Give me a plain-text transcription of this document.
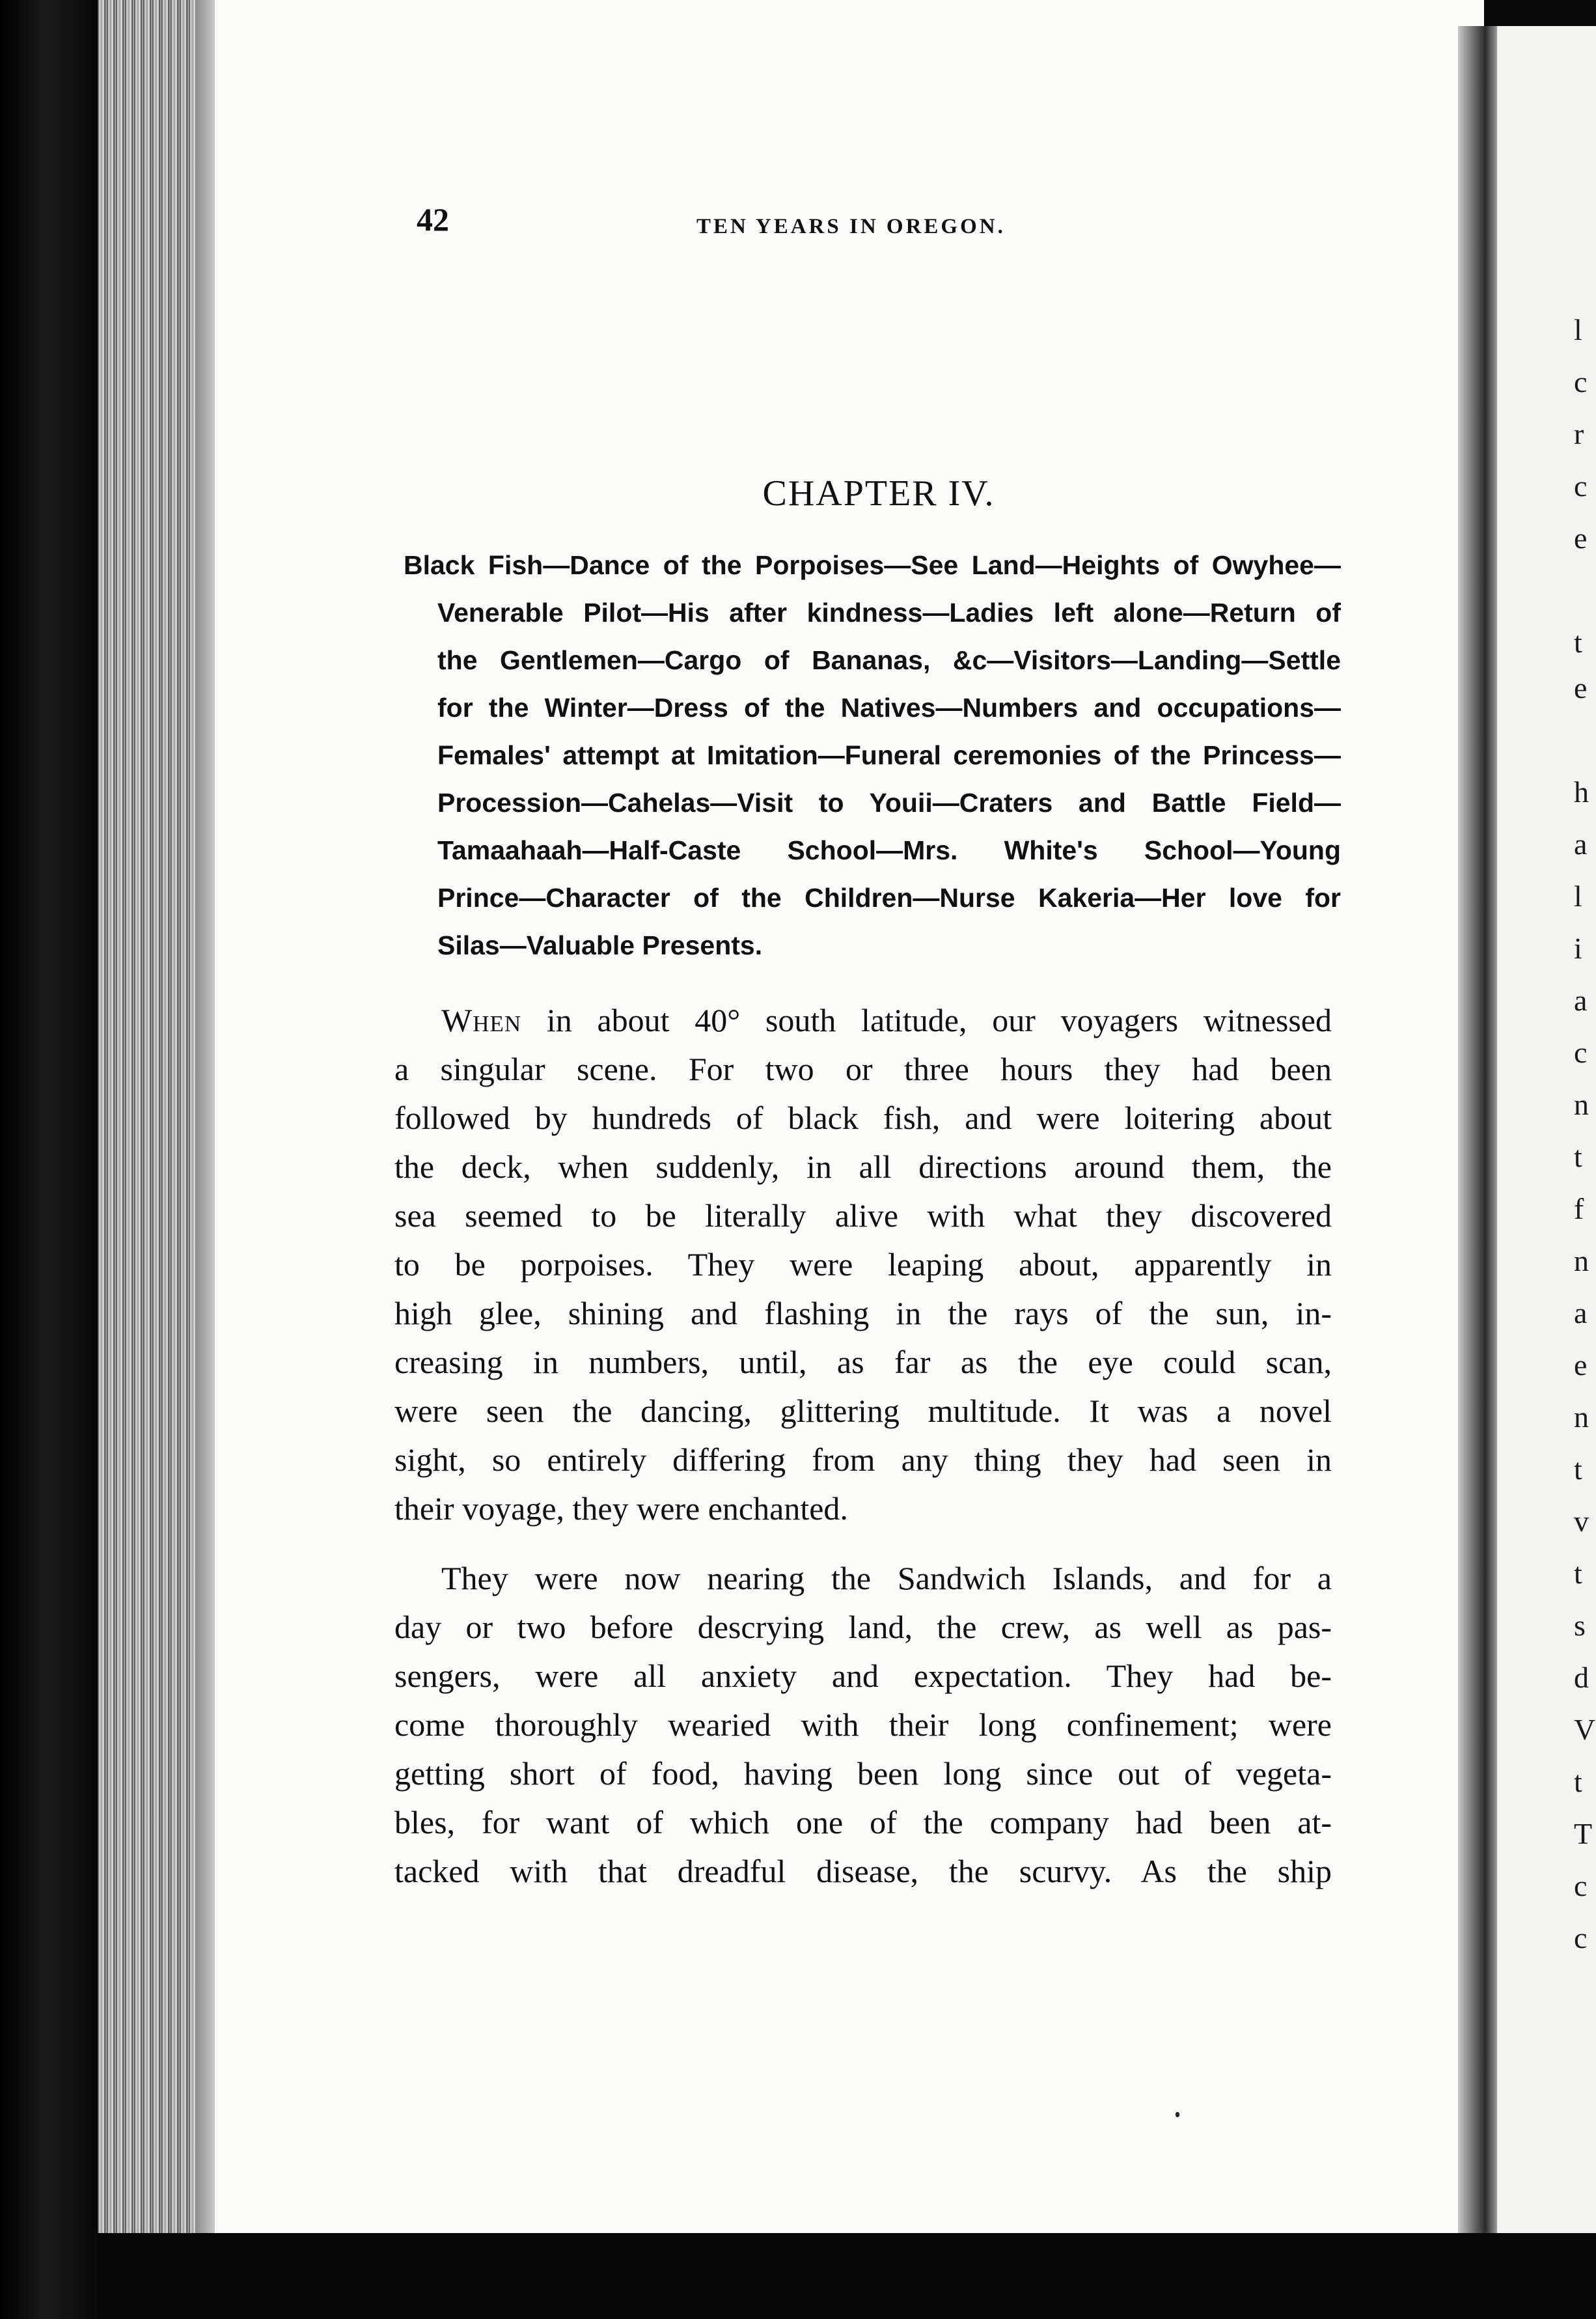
l
c
r
c
e
t
e
h
a
l
i
a
c
n
t
f
n
a
e
n
t
v
t
s
d
V
t
T
c
c
42	TEN YEARS IN OREGON.
CHAPTER IV.
Black Fish—Dance of the Porpoises—See Land—Heights of Owyhee—
Venerable Pilot—His after kindness—Ladies left alone—Return of
the Gentlemen—Cargo of Bananas, &c—Visitors—Landing—Settle
for the Winter—Dress of the Natives—Numbers and occupations—
Females' attempt at Imitation—Funeral ceremonies of the Princess—
Procession—Cahelas—Visit to Youii—Craters and Battle Field—
Tamaahaah—Half-Caste School—Mrs. White's School—Young
Prince—Character of the Children—Nurse Kakeria—Her love for
Silas—Valuable Presents.
When in about 40° south latitude, our voyagers witnessed
a singular scene. For two or three hours they had been
followed by hundreds of black fish, and were loitering about
the deck, when suddenly, in all directions around them, the
sea seemed to be literally alive with what they discovered
to be porpoises. They were leaping about, apparently in
high glee, shining and flashing in the rays of the sun, in-
creasing in numbers, until, as far as the eye could scan,
were seen the dancing, glittering multitude. It was a novel
sight, so entirely differing from any thing they had seen in
their voyage, they were enchanted.
They were now nearing the Sandwich Islands, and for a
day or two before descrying land, the crew, as well as pas-
sengers, were all anxiety and expectation. They had be-
come thoroughly wearied with their long confinement; were
getting short of food, having been long since out of vegeta-
bles, for want of which one of the company had been at-
tacked with that dreadful disease, the scurvy. As the ship
